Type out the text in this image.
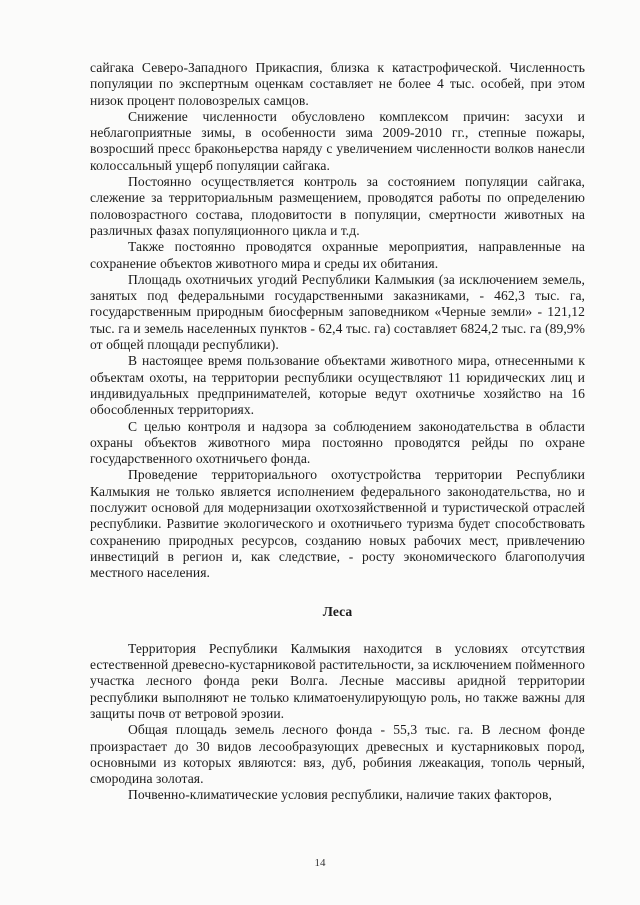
сайгака Северо-Западного Прикаспия, близка к катастрофической. Численность популяции по экспертным оценкам составляет не более 4 тыс. особей, при этом низок процент половозрелых самцов.

Снижение численности обусловлено комплексом причин: засухи и неблагоприятные зимы, в особенности зима 2009-2010 гг., степные пожары, возросший пресс браконьерства наряду с увеличением численности волков нанесли колоссальный ущерб популяции сайгака.

Постоянно осуществляется контроль за состоянием популяции сайгака, слежение за территориальным размещением, проводятся работы по определению половозрастного состава, плодовитости в популяции, смертности животных на различных фазах популяционного цикла и т.д.

Также постоянно проводятся охранные мероприятия, направленные на сохранение объектов животного мира и среды их обитания.

Площадь охотничьих угодий Республики Калмыкия (за исключением земель, занятых под федеральными государственными заказниками, - 462,3 тыс. га, государственным природным биосферным заповедником «Черные земли» - 121,12 тыс. га и земель населенных пунктов - 62,4 тыс. га) составляет 6824,2 тыс. га (89,9% от общей площади республики).

В настоящее время пользование объектами животного мира, отнесенными к объектам охоты, на территории республики осуществляют 11 юридических лиц и индивидуальных предпринимателей, которые ведут охотничье хозяйство на 16 обособленных территориях.

С целью контроля и надзора за соблюдением законодательства в области охраны объектов животного мира постоянно проводятся рейды по охране государственного охотничьего фонда.

Проведение территориального охотустройства территории Республики Калмыкия не только является исполнением федерального законодательства, но и послужит основой для модернизации охотхозяйственной и туристической отраслей республики. Развитие экологического и охотничьего туризма будет способствовать сохранению природных ресурсов, созданию новых рабочих мест, привлечению инвестиций в регион и, как следствие, - росту экономического благополучия местного населения.

Леса

Территория Республики Калмыкия находится в условиях отсутствия естественной древесно-кустарниковой растительности, за исключением пойменного участка лесного фонда реки Волга. Лесные массивы аридной территории республики выполняют не только климатоенулирующую роль, но также важны для защиты почв от ветровой эрозии.

Общая площадь земель лесного фонда - 55,3 тыс. га. В лесном фонде произрастает до 30 видов лесообразующих древесных и кустарниковых пород, основными из которых являются: вяз, дуб, робиния лжеакация, тополь черный, смородина золотая.

Почвенно-климатические условия республики, наличие таких факторов,

14
